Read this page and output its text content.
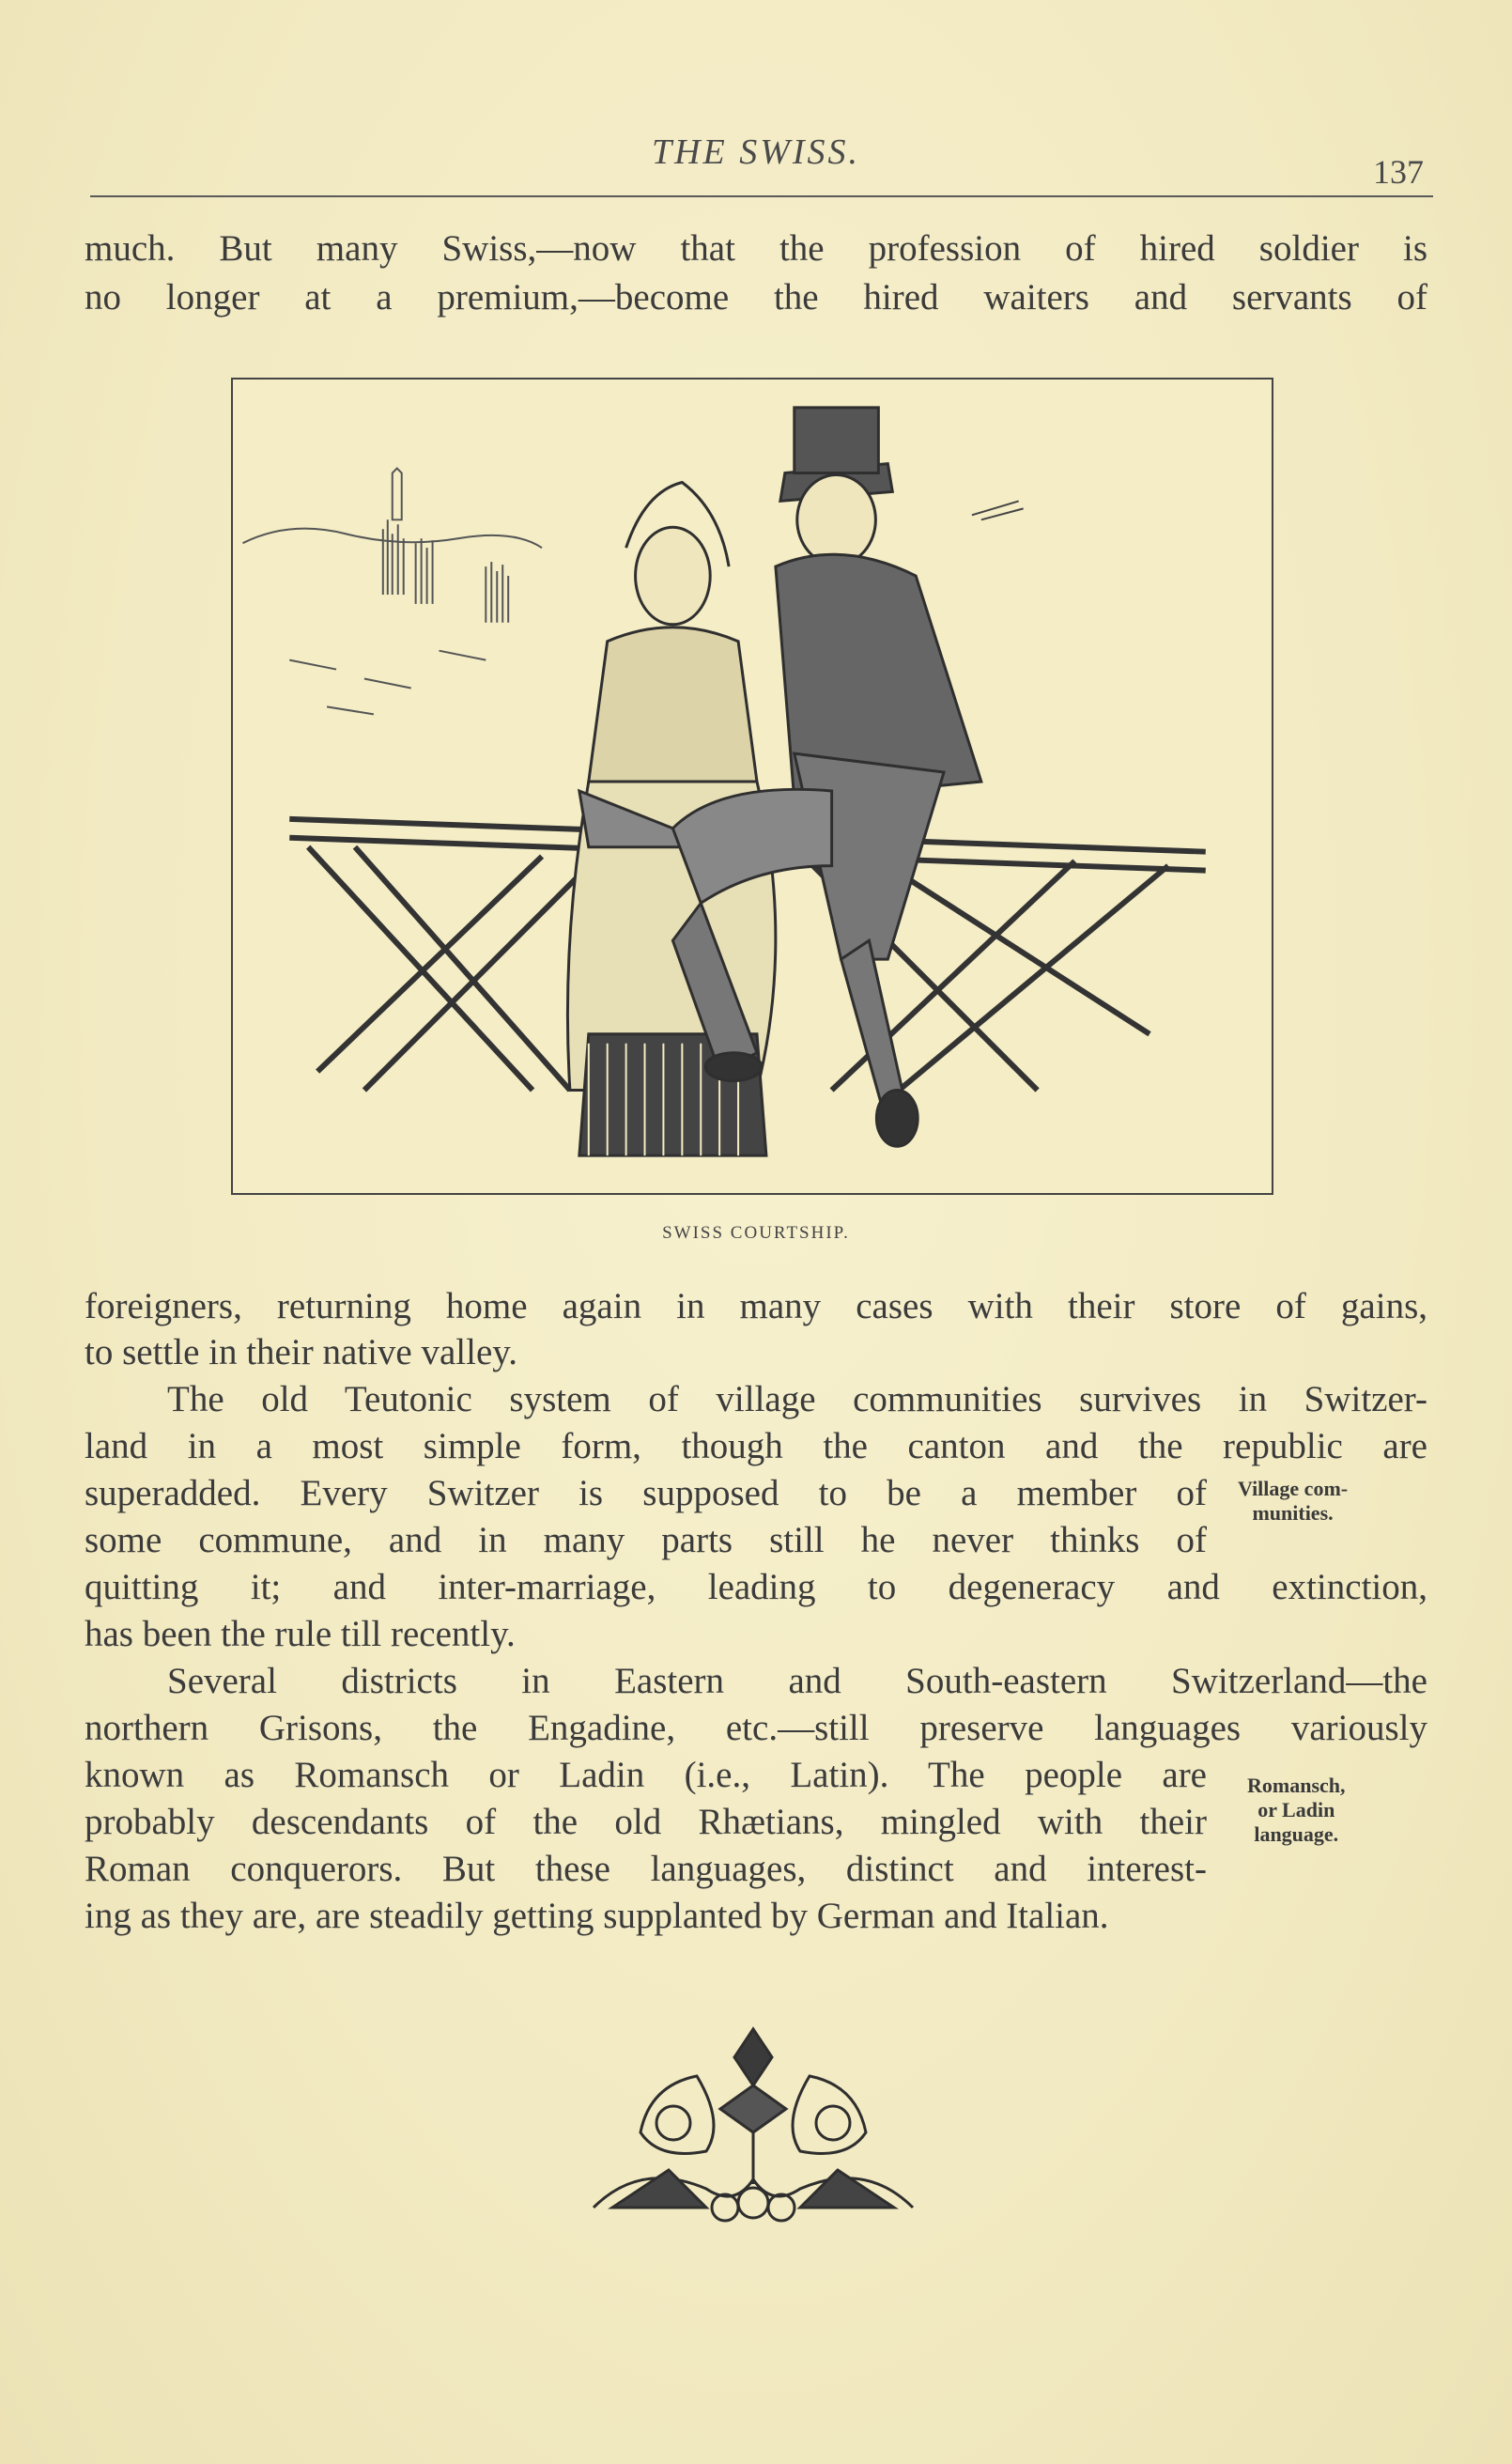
THE SWISS.	137
much. But many Swiss,—now that the profession of hired soldier is
no longer at a premium,—become the hired waiters and servants of
SWISS COURTSHIP.
foreigners, returning home again in many cases with their store of gains,
to settle in their native valley.
The old Teutonic system of village communities survives in Switzer-
land in a most simple form, though the canton and the republic are
superadded. Every Switzer is supposed to be a member of
some commune, and in many parts still he never thinks of
quitting it; and inter-marriage, leading to degeneracy and extinction,
has been the rule till recently.
Village com-
munities.
Several districts in Eastern and South-eastern Switzerland—the
northern Grisons, the Engadine, etc.—still preserve languages variously
known as Romansch or Ladin (i.e., Latin). The people are
probably descendants of the old Rhætians, mingled with their
Roman conquerors. But these languages, distinct and interest-
ing as they are, are steadily getting supplanted by German and Italian.
Romansch,
or Ladin
language.
